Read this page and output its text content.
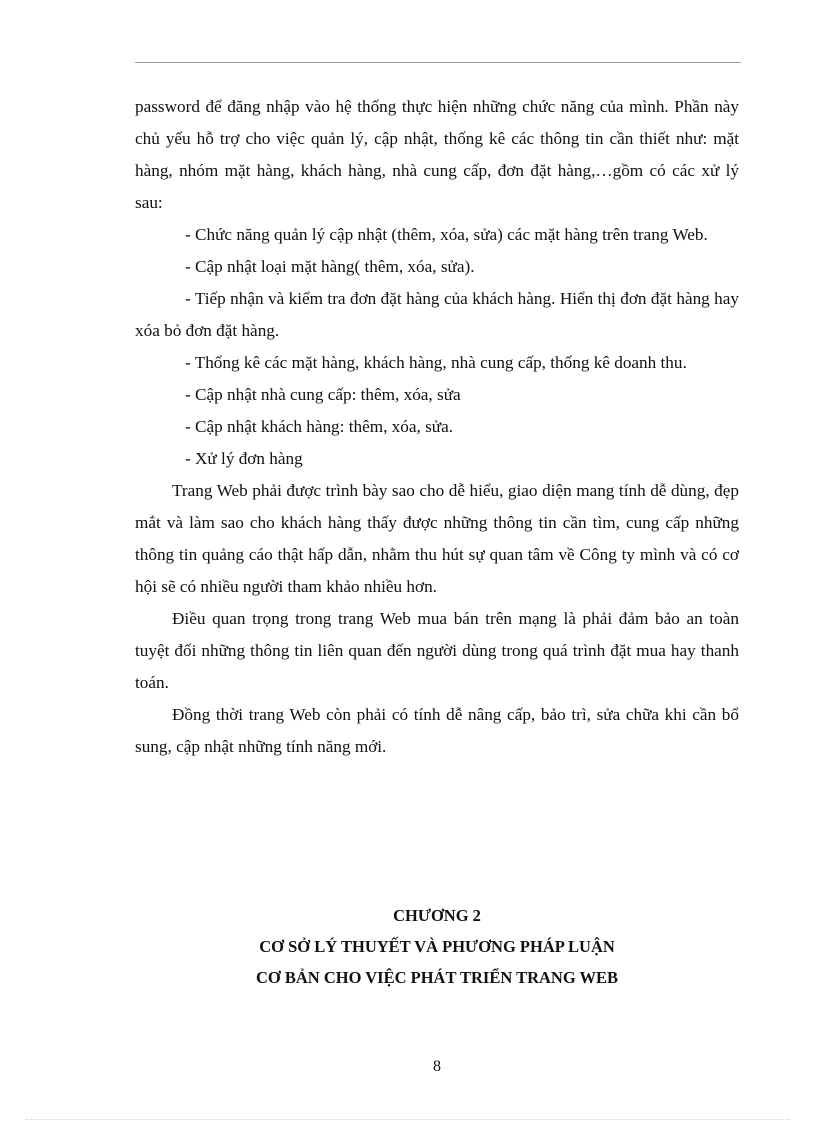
password để đăng nhập vào hệ thống thực hiện những chức năng của mình. Phần này chủ yếu hỗ trợ cho việc quản lý, cập nhật, thống kê các thông tin cần thiết như: mặt hàng, nhóm mặt hàng, khách hàng, nhà cung cấp, đơn đặt hàng,…gồm có các xử lý sau:

- Chức năng quản lý cập nhật (thêm, xóa, sửa) các mặt hàng trên trang Web.

- Cập nhật loại mặt hàng( thêm, xóa, sửa).

- Tiếp nhận và kiểm tra đơn đặt hàng của khách hàng. Hiển thị đơn đặt hàng hay xóa bỏ đơn đặt hàng.

- Thống kê các mặt hàng, khách hàng, nhà cung cấp, thống kê doanh thu.

- Cập nhật nhà cung cấp: thêm, xóa, sửa

- Cập nhật khách hàng: thêm, xóa, sửa.

- Xử lý đơn hàng

Trang Web phải được trình bày sao cho dễ hiểu, giao diện mang tính dễ dùng, đẹp mắt và làm sao cho khách hàng thấy được những thông tin cần tìm, cung cấp những thông tin quảng cáo thật hấp dẫn, nhằm thu hút sự quan tâm về Công ty mình và có cơ hội sẽ có nhiều người tham khảo nhiều hơn.

Điều quan trọng trong trang Web mua bán trên mạng là phải đảm bảo an toàn tuyệt đối những thông tin liên quan đến người dùng trong quá trình đặt mua hay thanh toán.

Đồng thời trang Web còn phải có tính dễ nâng cấp, bảo trì, sửa chữa khi cần bổ sung, cập nhật những tính năng mới.

CHƯƠNG 2
CƠ SỞ LÝ THUYẾT VÀ PHƯƠNG PHÁP LUẬN
CƠ BẢN CHO VIỆC PHÁT TRIỂN TRANG WEB
8
